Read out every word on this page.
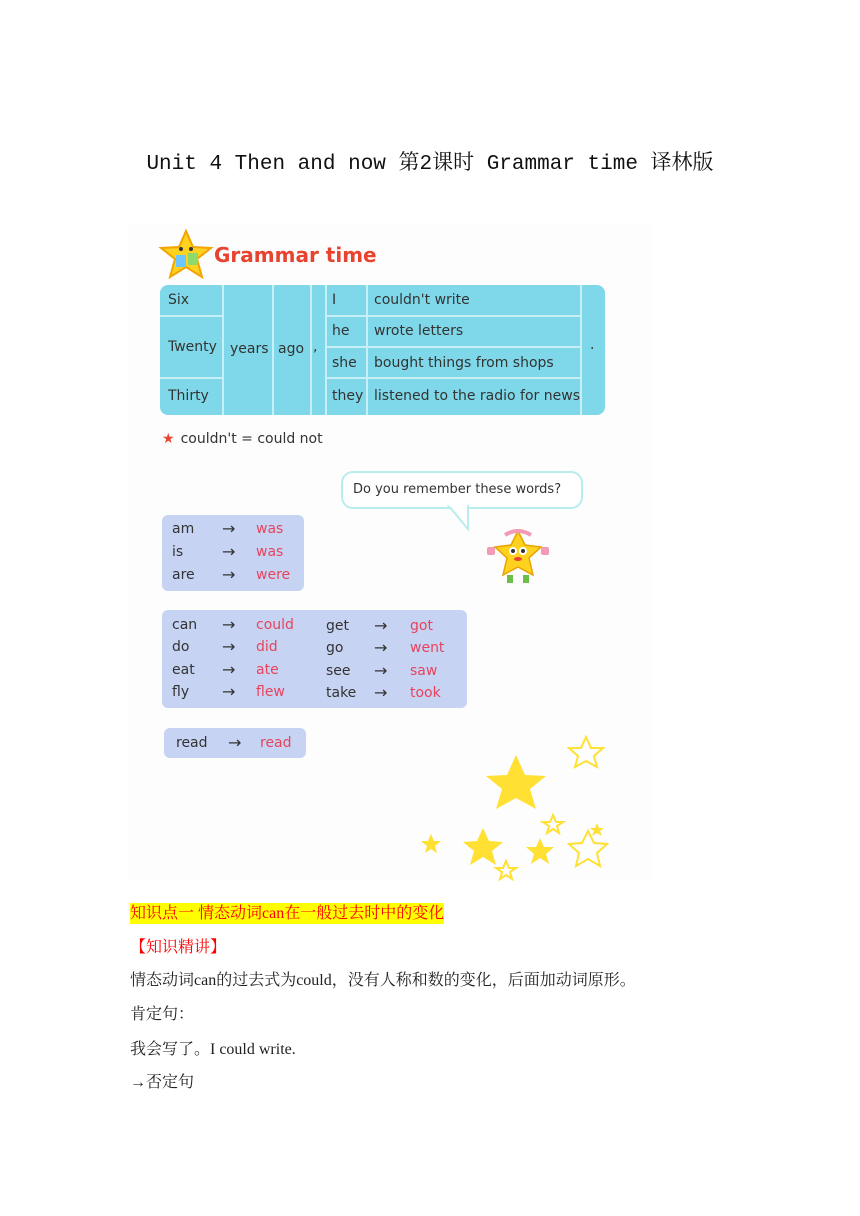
Unit 4 Then and now 第2课时 Grammar time 译林版
Grammar time
Six
Twenty
Thirty
years ago ,
I
he
she
they
couldn't write
wrote letters
bought things from shops
listened to the radio for news
.
★ couldn't = could not
Do you remember these words?
am → was
is → was
are → were
can → could
do → did
eat → ate
fly → flew
get → got
go → went
see → saw
take → took
read → read
知识点一 情态动词can在一般过去时中的变化
【知识精讲】
情态动词can的过去式为could，没有人称和数的变化，后面加动词原形。
肯定句：
我会写了。I could write.
→否定句
